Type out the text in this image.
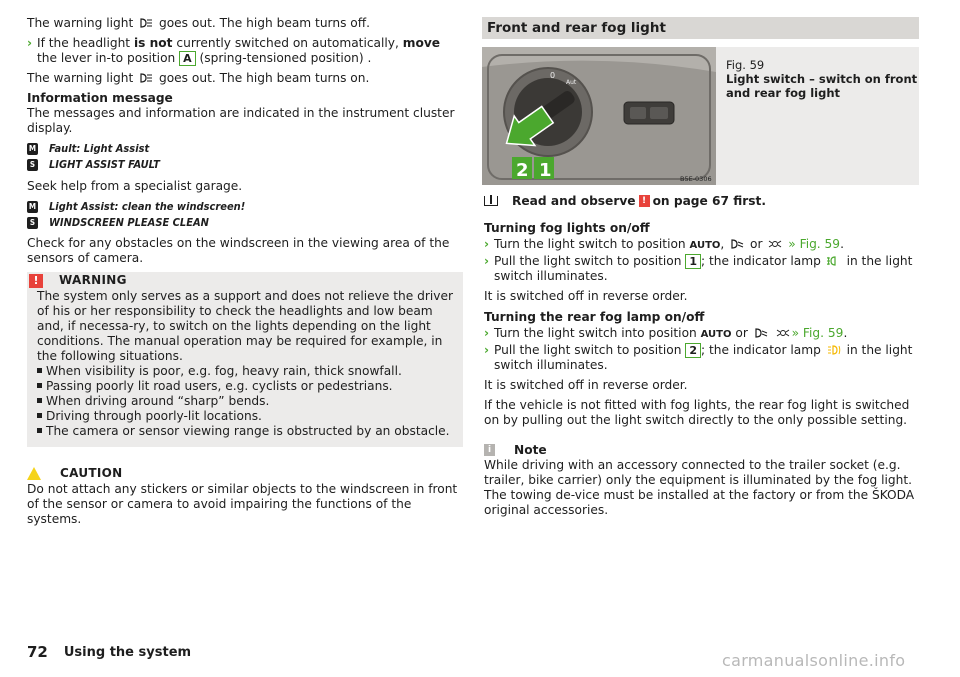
The warning light goes out. The high beam turns off.

› If the headlight is not currently switched on automatically, move the lever in-to position A (spring-tensioned position) .

The warning light goes out. The high beam turns on.

Information message

The messages and information are indicated in the instrument cluster display.

M Fault: Light Assist
S LIGHT ASSIST FAULT

Seek help from a specialist garage.

M Light Assist: clean the windscreen!
S WINDSCREEN PLEASE CLEAN

Check for any obstacles on the windscreen in the viewing area of the sensors of camera.

!	WARNING
The system only serves as a support and does not relieve the driver of his or her responsibility to check the headlights and low beam and, if necessa-ry, to switch on the lights depending on the light conditions. The manual operation may be required for example, in the following situations.
When visibility is poor, e.g. fog, heavy rain, thick snowfall.
Passing poorly lit road users, e.g. cyclists or pedestrians.
When driving around “sharp” bends.
Driving through poorly-lit locations.
The camera or sensor viewing range is obstructed by an obstacle.
CAUTION

Do not attach any stickers or similar objects to the windscreen in front of the sensor or camera to avoid impairing the functions of the systems.

Front and rear fog light
0
Aut
2 1	B5E-0306
Fig. 59
Light switch – switch on front and rear fog light
Read and observe ! on page 67 first.
Turning fog lights on/off
› Turn the light switch to position AUTO,  or » Fig. 59.
› Pull the light switch to position 1 ; the indicator lamp in the light switch illuminates.

It is switched off in reverse order.

Turning the rear fog lamp on/off
› Turn the light switch into position AUTO or	» Fig. 59.
› Pull the light switch to position 2 ; the indicator lamp in the light switch illuminates.

It is switched off in reverse order.

If the vehicle is not fitted with fog lights, the rear fog light is switched on by pulling out the light switch directly to the only possible setting.

i	Note

While driving with an accessory connected to the trailer socket (e.g. trailer, bike carrier) only the equipment is illuminated by the fog light. The towing de-vice must be installed at the factory or from the ŠKODA original accessories.

72 Using the system	carmanualsonline.info
